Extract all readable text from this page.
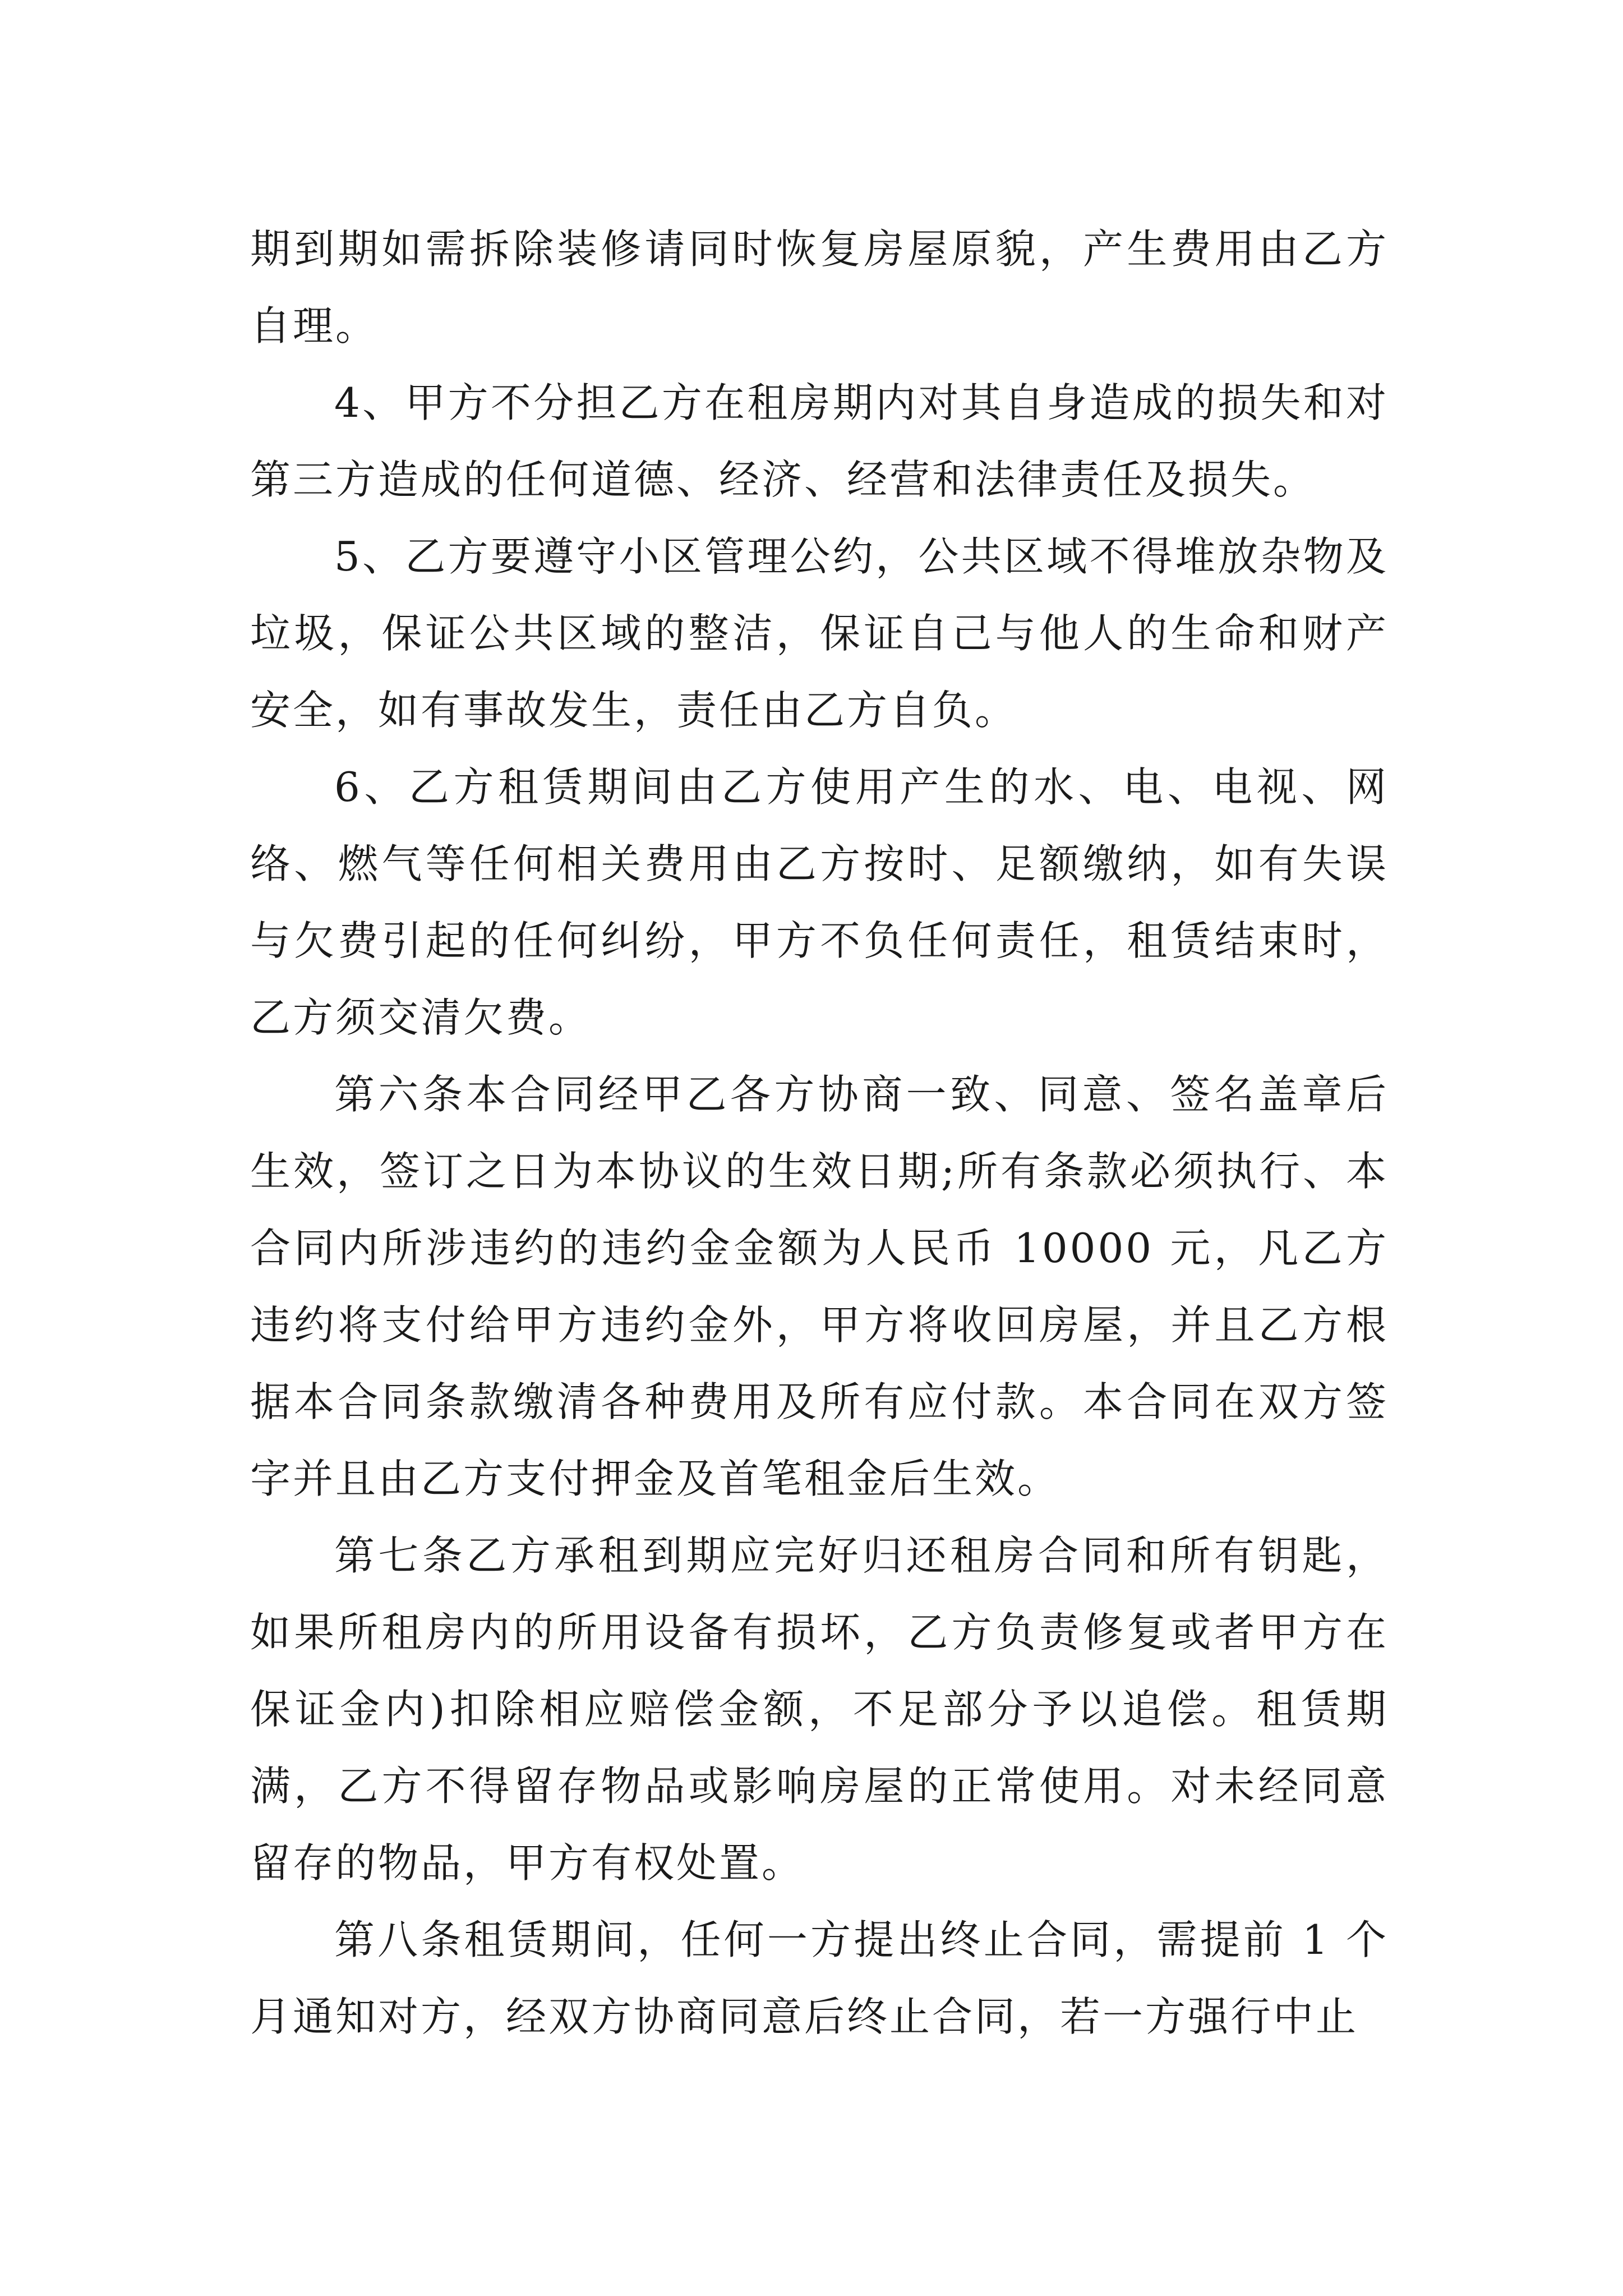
期到期如需拆除装修请同时恢复房屋原貌，产生费用由乙方自理。

4、甲方不分担乙方在租房期内对其自身造成的损失和对第三方造成的任何道德、经济、经营和法律责任及损失。

5、乙方要遵守小区管理公约，公共区域不得堆放杂物及垃圾，保证公共区域的整洁，保证自己与他人的生命和财产安全，如有事故发生，责任由乙方自负。

6、乙方租赁期间由乙方使用产生的水、电、电视、网络、燃气等任何相关费用由乙方按时、足额缴纳，如有失误与欠费引起的任何纠纷，甲方不负任何责任，租赁结束时，乙方须交清欠费。

第六条本合同经甲乙各方协商一致、同意、签名盖章后生效，签订之日为本协议的生效日期;所有条款必须执行、本合同内所涉违约的违约金金额为人民币 10000 元，凡乙方违约将支付给甲方违约金外，甲方将收回房屋，并且乙方根据本合同条款缴清各种费用及所有应付款。本合同在双方签字并且由乙方支付押金及首笔租金后生效。

第七条乙方承租到期应完好归还租房合同和所有钥匙，如果所租房内的所用设备有损坏，乙方负责修复或者甲方在保证金内)扣除相应赔偿金额，不足部分予以追偿。租赁期满，乙方不得留存物品或影响房屋的正常使用。对未经同意留存的物品，甲方有权处置。

第八条租赁期间，任何一方提出终止合同，需提前 1 个月通知对方，经双方协商同意后终止合同，若一方强行中止
